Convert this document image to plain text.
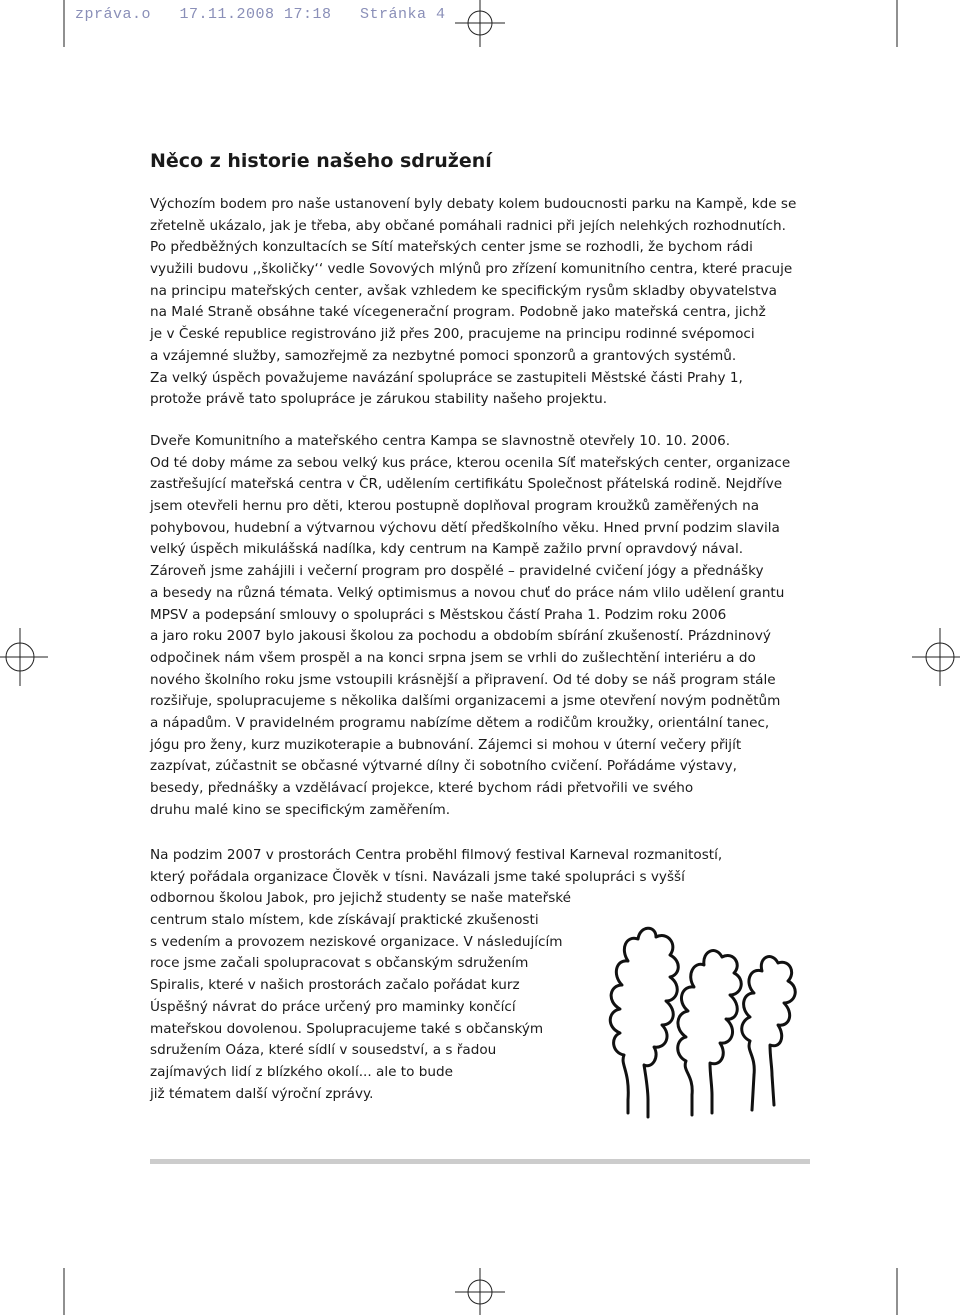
zpráva.o   17.11.2008 17:18   Stránka 4
Něco z historie našeho sdružení
Výchozím bodem pro naše ustanovení byly debaty kolem budoucnosti parku na Kampě, kde se
zřetelně ukázalo, jak je třeba, aby občané pomáhali radnici při jejích nelehkých rozhodnutích.
Po předběžných konzultacích se Sítí mateřských center jsme se rozhodli, že bychom rádi
využili budovu ,,školičky‘‘ vedle Sovových mlýnů pro zřízení komunitního centra, které pracuje
na principu mateřských center, avšak vzhledem ke specifickým rysům skladby obyvatelstva
na Malé Straně obsáhne také vícegenerační program. Podobně jako mateřská centra, jichž
je v České republice registrováno již přes 200, pracujeme na principu rodinné svépomoci
a vzájemné služby, samozřejmě za nezbytné pomoci sponzorů a grantových systémů.
Za velký úspěch považujeme navázání spolupráce se zastupiteli Městské části Prahy 1,
protože právě tato spolupráce je zárukou stability našeho projektu.
Dveře Komunitního a mateřského centra Kampa se slavnostně otevřely 10. 10. 2006.
Od té doby máme za sebou velký kus práce, kterou ocenila Síť mateřských center, organizace
zastřešující mateřská centra v ČR, udělením certifikátu Společnost přátelská rodině. Nejdříve
jsem otevřeli hernu pro děti, kterou postupně doplňoval program kroužků zaměřených na
pohybovou, hudební a výtvarnou výchovu dětí předškolního věku. Hned první podzim slavila
velký úspěch mikulášská nadílka, kdy centrum na Kampě zažilo první opravdový nával.
Zároveň jsme zahájili i večerní program pro dospělé – pravidelné cvičení jógy a přednášky
a besedy na různá témata. Velký optimismus a novou chuť do práce nám vlilo udělení grantu
MPSV a podepsání smlouvy o spolupráci s Městskou částí Praha 1. Podzim roku 2006
a jaro roku 2007 bylo jakousi školou za pochodu a obdobím sbírání zkušeností. Prázdninový
odpočinek nám všem prospěl a na konci srpna jsem se vrhli do zušlechtění interiéru a do
nového školního roku jsme vstoupili krásnější a připravení. Od té doby se náš program stále
rozšiřuje, spolupracujeme s několika dalšími organizacemi a jsme otevření novým podnětům
a nápadům. V pravidelném programu nabízíme dětem a rodičům kroužky, orientální tanec,
jógu pro ženy, kurz muzikoterapie a bubnování. Zájemci si mohou v úterní večery přijít
zazpívat, zúčastnit se občasné výtvarné dílny či sobotního cvičení. Pořádáme výstavy,
besedy, přednášky a vzdělávací projekce, které bychom rádi přetvořili ve svého
druhu malé kino se specifickým zaměřením.
Na podzim 2007 v prostorách Centra proběhl filmový festival Karneval rozmanitostí,
který pořádala organizace Člověk v tísni. Navázali jsme také spolupráci s vyšší
odbornou školou Jabok, pro jejichž studenty se naše mateřské
centrum stalo místem, kde získávají praktické zkušenosti
s vedením a provozem neziskové organizace. V následujícím
roce jsme začali spolupracovat s občanským sdružením
Spiralis, které v našich prostorách začalo pořádat kurz
Úspěšný návrat do práce určený pro maminky končící
mateřskou dovolenou. Spolupracujeme také s občanským
sdružením Oáza, které sídlí v sousedství, a s řadou
zajímavých lidí z blízkého okolí... ale to bude
již tématem další výroční zprávy.
